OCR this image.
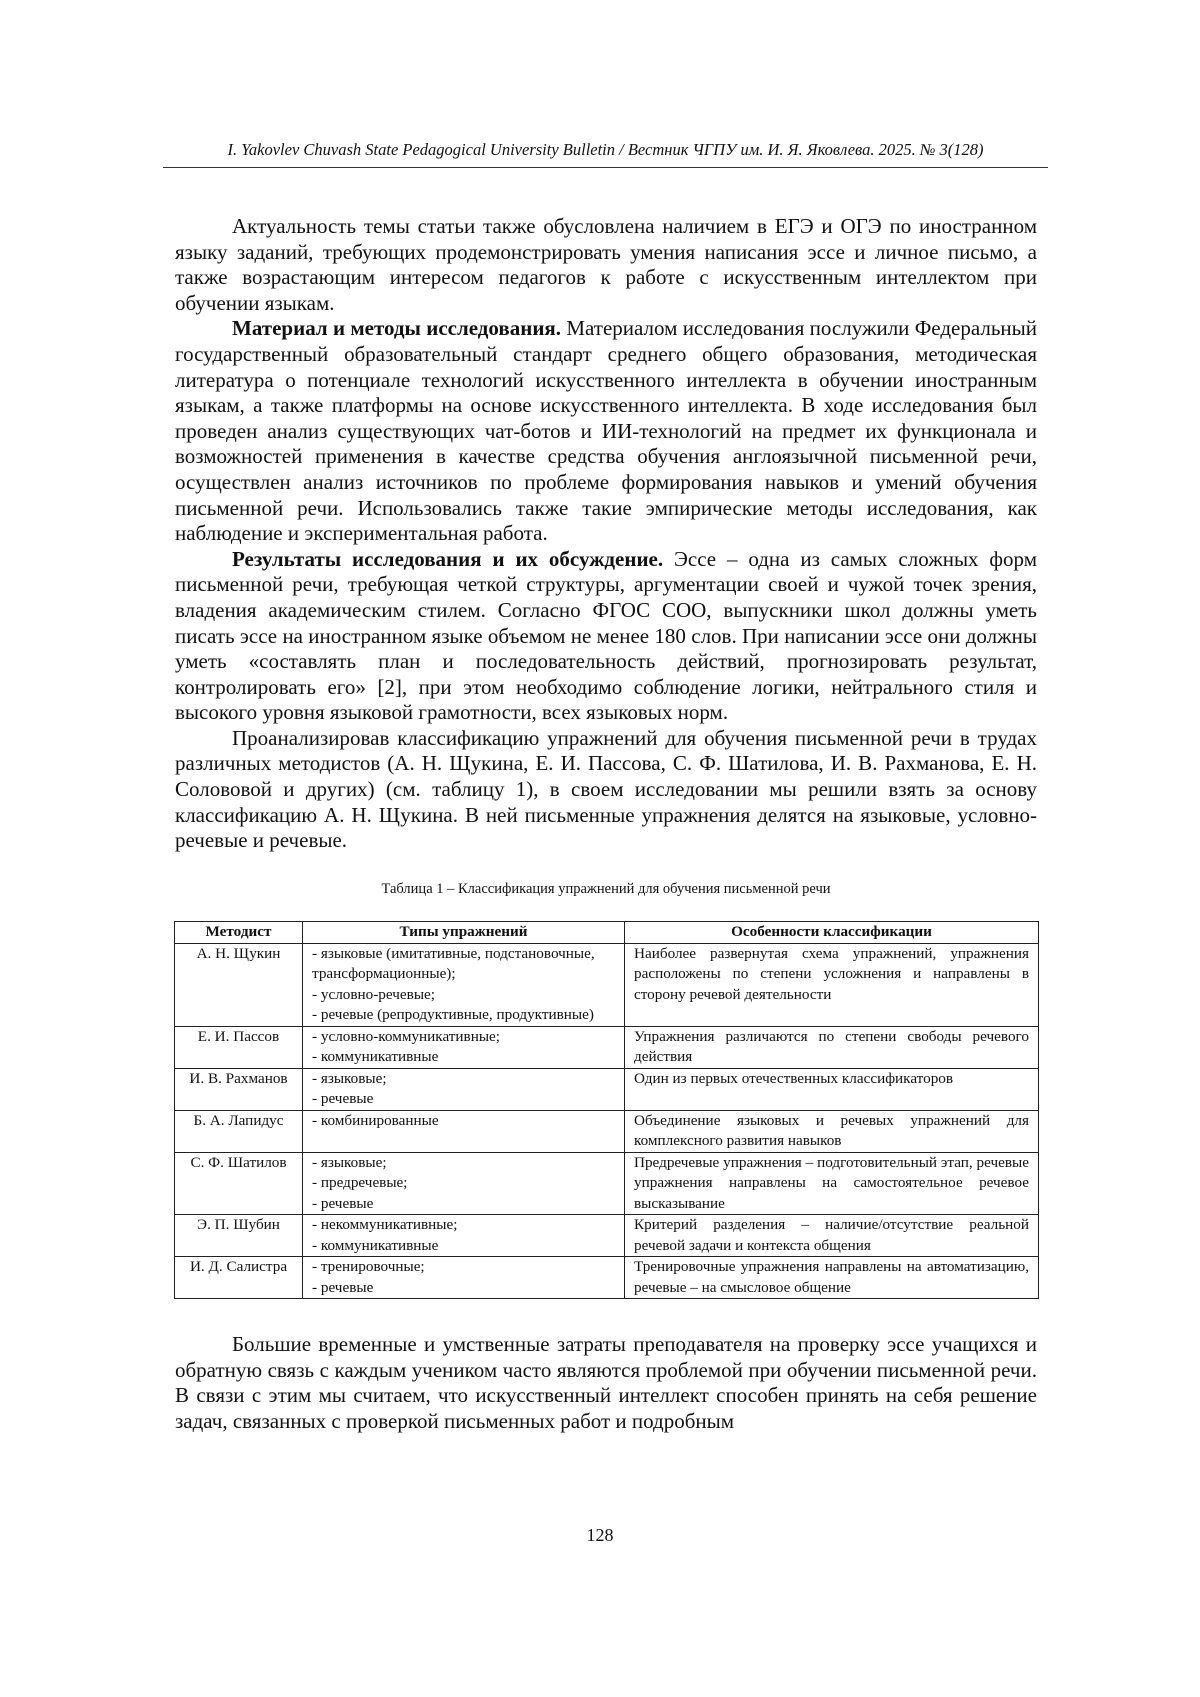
I. Yakovlev Chuvash State Pedagogical University Bulletin / Вестник ЧГПУ им. И. Я. Яковлева. 2025. № 3(128)

Актуальность темы статьи также обусловлена наличием в ЕГЭ и ОГЭ по иностранном языку заданий, требующих продемонстрировать умения написания эссе и личное письмо, а также возрастающим интересом педагогов к работе с искусственным интеллектом при обучении языкам.

Материал и методы исследования. Материалом исследования послужили Федеральный государственный образовательный стандарт среднего общего образования, методическая литература о потенциале технологий искусственного интеллекта в обучении иностранным языкам, а также платформы на основе искусственного интеллекта. В ходе исследования был проведен анализ существующих чат-ботов и ИИ-технологий на предмет их функционала и возможностей применения в качестве средства обучения англоязычной письменной речи, осуществлен анализ источников по проблеме формирования навыков и умений обучения письменной речи. Использовались также такие эмпирические методы исследования, как наблюдение и экспериментальная работа.

Результаты исследования и их обсуждение. Эссе – одна из самых сложных форм письменной речи, требующая четкой структуры, аргументации своей и чужой точек зрения, владения академическим стилем. Согласно ФГОС СОО, выпускники школ должны уметь писать эссе на иностранном языке объемом не менее 180 слов. При написании эссе они должны уметь «составлять план и последовательность действий, прогнозировать результат, контролировать его» [2], при этом необходимо соблюдение логики, нейтрального стиля и высокого уровня языковой грамотности, всех языковых норм.

Проанализировав классификацию упражнений для обучения письменной речи в трудах различных методистов (А. Н. Щукина, Е. И. Пассова, С. Ф. Шатилова, И. В. Рахманова, Е. Н. Солововой и других) (см. таблицу 1), в своем исследовании мы решили взять за основу классификацию А. Н. Щукина. В ней письменные упражнения делятся на языковые, условно-речевые и речевые.

Таблица 1 – Классификация упражнений для обучения письменной речи
Методист	Типы упражнений	Особенности классификации
А. Н. Щукин	- языковые (имитативные, подстановочные, трансформационные);
- условно-речевые;
- речевые (репродуктивные, продуктивные)	Наиболее развернутая схема упражнений, упражнения расположены по степени усложнения и направлены в сторону речевой деятельности
Е. И. Пассов	- условно-коммуникативные;
- коммуникативные	Упражнения различаются по степени свободы речевого действия
И. В. Рахманов	- языковые;
- речевые	Один из первых отечественных классификаторов
Б. А. Лапидус	- комбинированные	Объединение языковых и речевых упражнений для комплексного развития навыков
С. Ф. Шатилов	- языковые;
- предречевые;
- речевые	Предречевые упражнения – подготовительный этап, речевые упражнения направлены на самостоятельное речевое высказывание
Э. П. Шубин	- некоммуникативные;
- коммуникативные	Критерий разделения – наличие/отсутствие реальной речевой задачи и контекста общения
И. Д. Салистра	- тренировочные;
- речевые	Тренировочные упражнения направлены на автоматизацию, речевые – на смысловое общение

Большие временные и умственные затраты преподавателя на проверку эссе учащихся и обратную связь с каждым учеником часто являются проблемой при обучении письменной речи. В связи с этим мы считаем, что искусственный интеллект способен принять на себя решение задач, связанных с проверкой письменных работ и подробным

128
